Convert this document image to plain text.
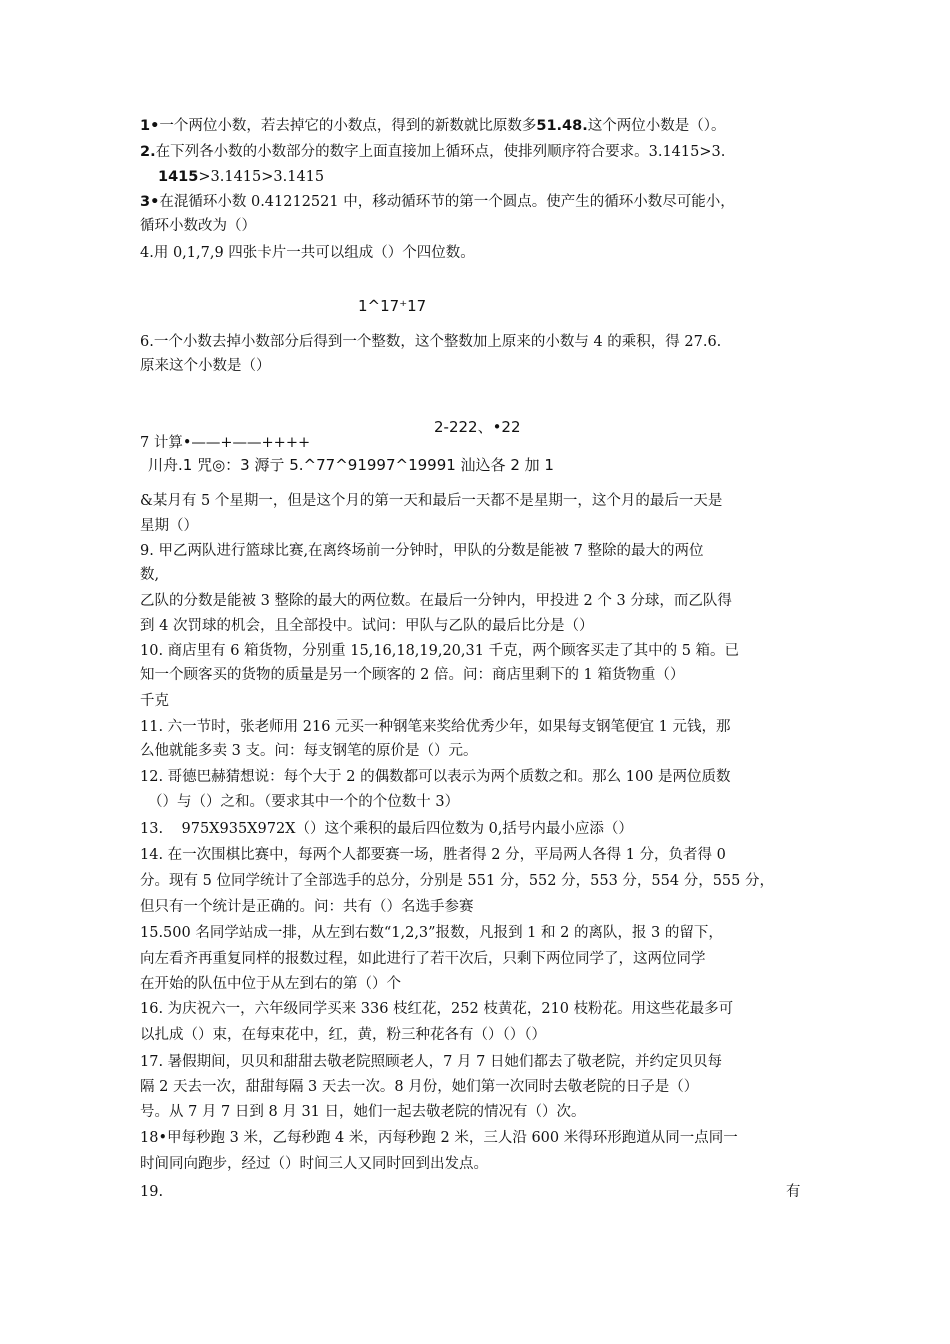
1•一个两位小数，若去掉它的小数点，得到的新数就比原数多51.48.这个两位小数是（）。
2.在下列各小数的小数部分的数字上面直接加上循环点，使排列顺序符合要求。3.1415>3.
1415>3.1415>3.1415
3•在混循环小数 0.41212521 中，移动循环节的第一个圆点。使产生的循环小数尽可能小，
循环小数改为（）
4.用 0,1,7,9 四张卡片一共可以组成（）个四位数。
1^17⁺17
6.一个小数去掉小数部分后得到一个整数，这个整数加上原来的小数与 4 的乘积，得 27.6.
原来这个小数是（）
2-222、•22
7 计算•——+——++++
川舟.1 咒◎：3 溽亍 5.^77^91997^19991 汕込各 2 加 1
&某月有 5 个星期一，但是这个月的第一天和最后一天都不是星期一，这个月的最后一天是
星期（）
9. 甲乙两队进行篮球比赛,在离终场前一分钟时，甲队的分数是能被 7 整除的最大的两位
数,
乙队的分数是能被 3 整除的最大的两位数。在最后一分钟内，甲投进 2 个 3 分球，而乙队得
到 4 次罚球的机会，且全部投中。试问：甲队与乙队的最后比分是（）
10. 商店里有 6 箱货物，分别重 15,16,18,19,20,31 千克，两个顾客买走了其中的 5 箱。已
知一个顾客买的货物的质量是另一个顾客的 2 倍。问：商店里剩下的 1 箱货物重（）
千克
11. 六一节时，张老师用 216 元买一种钢笔来奖给优秀少年，如果每支钢笔便宜 1 元钱，那
么他就能多卖 3 支。问：每支钢笔的原价是（）元。
12. 哥德巴赫猜想说：每个大于 2 的偶数都可以表示为两个质数之和。那么 100 是两位质数
（）与（）之和。（要求其中一个的个位数十 3）
13.    975X935X972X（）这个乘积的最后四位数为 0,括号内最小应添（）
14. 在一次围棋比赛中，每两个人都要赛一场，胜者得 2 分，平局两人各得 1 分，负者得 0
分。现有 5 位同学统计了全部选手的总分，分别是 551 分，552 分，553 分，554 分，555 分，
但只有一个统计是正确的。问：共有（）名选手参赛
15.500 名同学站成一排，从左到右数“1,2,3”报数，凡报到 1 和 2 的离队，报 3 的留下，
向左看齐再重复同样的报数过程，如此进行了若干次后，只剩下两位同学了，这两位同学
在开始的队伍中位于从左到右的第（）个
16. 为庆祝六一，六年级同学买来 336 枝红花，252 枝黄花，210 枝粉花。用这些花最多可
以扎成（）束，在每束花中，红，黄，粉三种花各有（）（）（）
17. 暑假期间，贝贝和甜甜去敬老院照顾老人，7 月 7 日她们都去了敬老院，并约定贝贝每
隔 2 天去一次，甜甜每隔 3 天去一次。8 月份，她们第一次同时去敬老院的日子是（）
号。从 7 月 7 日到 8 月 31 日，她们一起去敬老院的情况有（）次。
18•甲每秒跑 3 米，乙每秒跑 4 米，丙每秒跑 2 米，三人沿 600 米得环形跑道从同一点同一
时间同向跑步，经过（）时间三人又同时回到出发点。
19.	有
